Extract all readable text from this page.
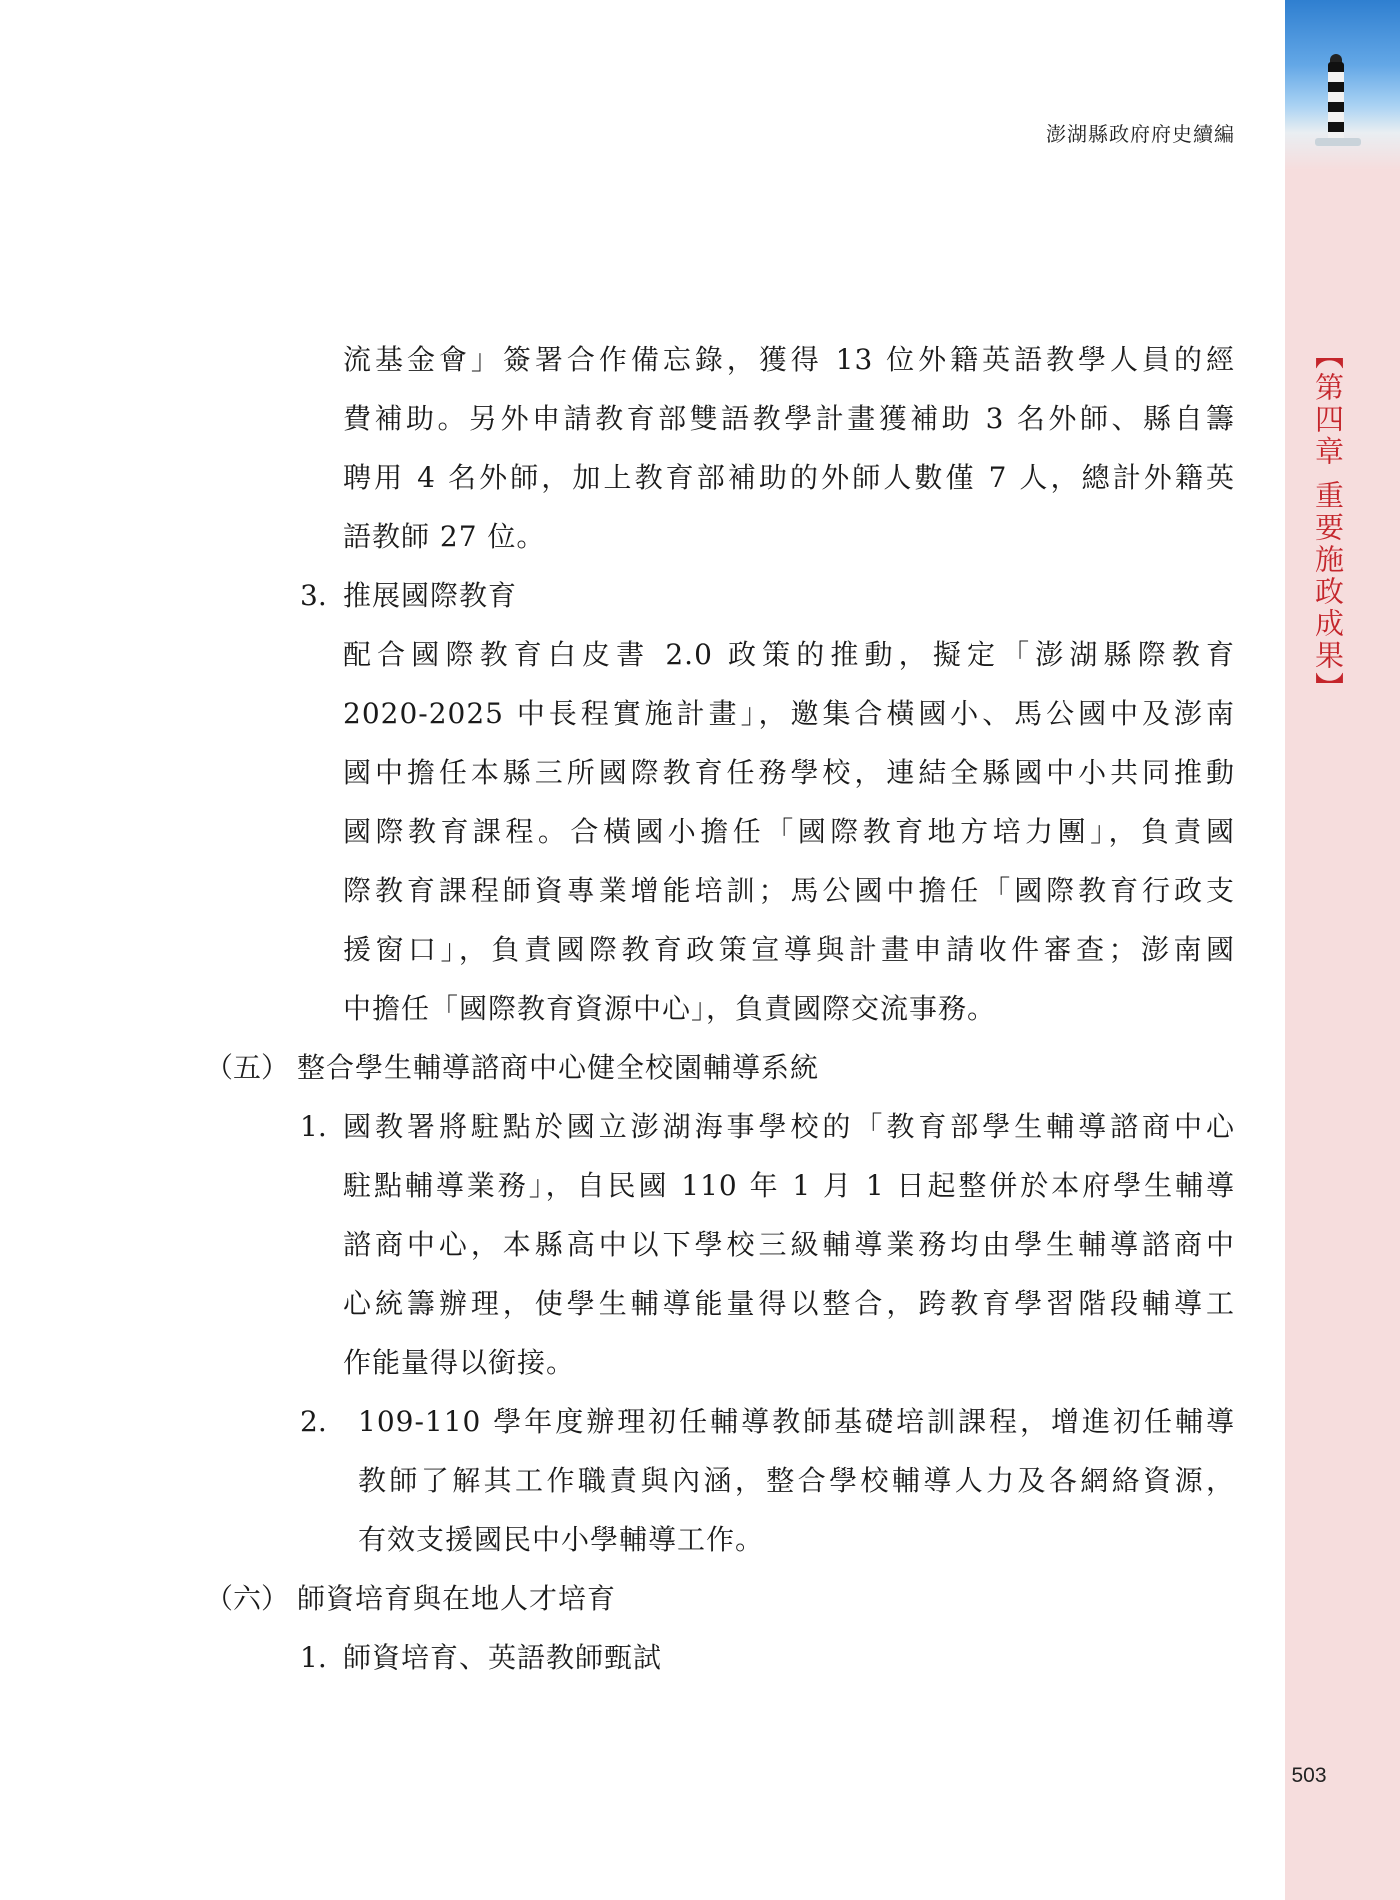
【第四章 重要施政成果】
澎湖縣政府府史續編
503
流基金會」簽署合作備忘錄，獲得 13 位外籍英語教學人員的經
費補助。另外申請教育部雙語教學計畫獲補助 3 名外師、縣自籌
聘用 4 名外師，加上教育部補助的外師人數僅 7 人，總計外籍英
語教師 27 位。
3. 推展國際教育
配合國際教育白皮書 2.0 政策的推動，擬定「澎湖縣際教育
2020-2025 中長程實施計畫」，邀集合橫國小、馬公國中及澎南
國中擔任本縣三所國際教育任務學校，連結全縣國中小共同推動
國際教育課程。合橫國小擔任「國際教育地方培力團」，負責國
際教育課程師資專業增能培訓；馬公國中擔任「國際教育行政支
援窗口」，負責國際教育政策宣導與計畫申請收件審查；澎南國
中擔任「國際教育資源中心」，負責國際交流事務。
（五） 整合學生輔導諮商中心健全校園輔導系統
1. 國教署將駐點於國立澎湖海事學校的「教育部學生輔導諮商中心
駐點輔導業務」，自民國 110 年 1 月 1 日起整併於本府學生輔導
諮商中心，本縣高中以下學校三級輔導業務均由學生輔導諮商中
心統籌辦理，使學生輔導能量得以整合，跨教育學習階段輔導工
作能量得以銜接。
2. 109-110 學年度辦理初任輔導教師基礎培訓課程，增進初任輔導
教師了解其工作職責與內涵，整合學校輔導人力及各網絡資源，
有效支援國民中小學輔導工作。
（六） 師資培育與在地人才培育
1. 師資培育、英語教師甄試
